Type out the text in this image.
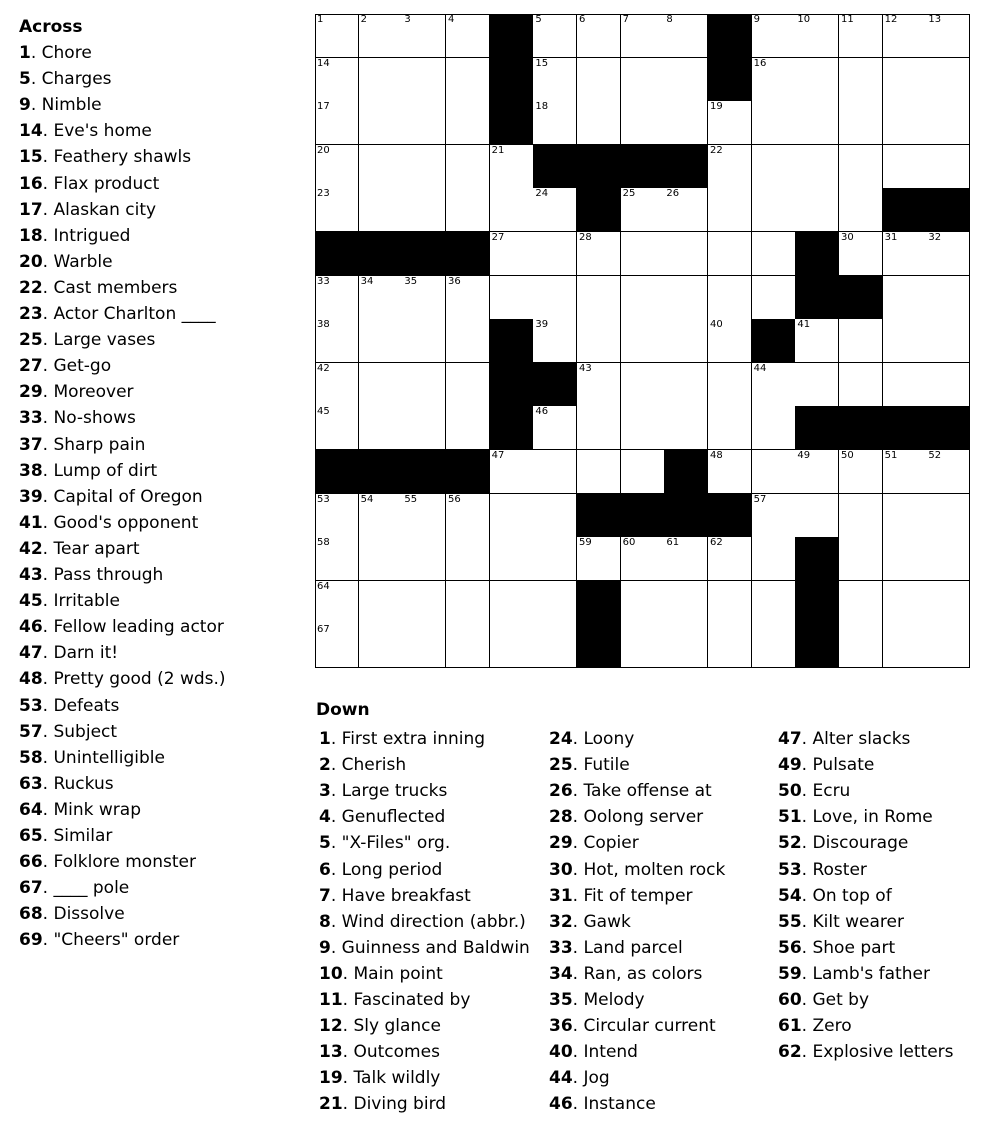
Across
1. Chore
5. Charges
9. Nimble
14. Eve's home
15. Feathery shawls
16. Flax product
17. Alaskan city
18. Intrigued
20. Warble
22. Cast members
23. Actor Charlton ____
25. Large vases
27. Get-go
29. Moreover
33. No-shows
37. Sharp pain
38. Lump of dirt
39. Capital of Oregon
41. Good's opponent
42. Tear apart
43. Pass through
45. Irritable
46. Fellow leading actor
47. Darn it!
48. Pretty good (2 wds.)
53. Defeats
57. Subject
58. Unintelligible
63. Ruckus
64. Mink wrap
65. Similar
66. Folklore monster
67. ____ pole
68. Dissolve
69. "Cheers" order
1	2	3	4	5	6	7	8	9	10	11	12	13
14	15	16
17	18	19
20	21	22
23	24	25	26
27	28	30	31	32
33	34	35	36
38	39	40	41
42	43	44
45	46
47	48	49	50	51	52
53	54	55	56	57
58	59	60	61	62
64
67
Down
1. First extra inning
2. Cherish
3. Large trucks
4. Genuflected
5. "X-Files" org.
6. Long period
7. Have breakfast
8. Wind direction (abbr.)
9. Guinness and Baldwin
10. Main point
11. Fascinated by
12. Sly glance
13. Outcomes
19. Talk wildly
21. Diving bird
24. Loony
25. Futile
26. Take offense at
28. Oolong server
29. Copier
30. Hot, molten rock
31. Fit of temper
32. Gawk
33. Land parcel
34. Ran, as colors
35. Melody
36. Circular current
40. Intend
44. Jog
46. Instance
47. Alter slacks
49. Pulsate
50. Ecru
51. Love, in Rome
52. Discourage
53. Roster
54. On top of
55. Kilt wearer
56. Shoe part
59. Lamb's father
60. Get by
61. Zero
62. Explosive letters
